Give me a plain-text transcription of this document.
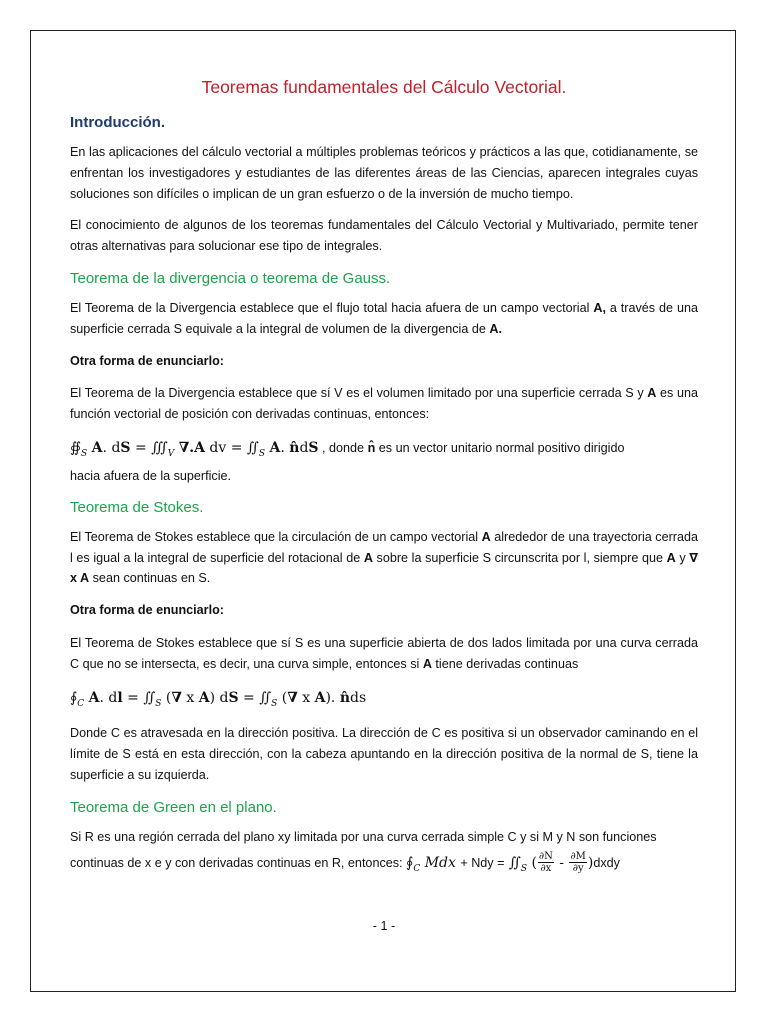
Teoremas fundamentales del Cálculo Vectorial.
Introducción.

En las aplicaciones del cálculo vectorial a múltiples problemas teóricos y prácticos a las que, cotidianamente, se enfrentan los investigadores y estudiantes de las diferentes áreas de las Ciencias, aparecen integrales cuyas soluciones son difíciles o implican de un gran esfuerzo o de la inversión de mucho tiempo.

El conocimiento de algunos de los teoremas fundamentales del Cálculo Vectorial y Multivariado, permite tener otras alternativas para solucionar ese tipo de integrales.

Teorema de la divergencia o teorema de Gauss.

El Teorema de la Divergencia establece que el flujo total hacia afuera de un campo vectorial A, a través de una superficie cerrada S equivale a la integral de volumen de la divergencia de A.

Otra forma de enunciarlo:

El Teorema de la Divergencia establece que sí V es el volumen limitado por una superficie cerrada S y A es una función vectorial de posición con derivadas continuas, entonces:

$∯_S$ A. dS = $∭_V$ ∇.A dv = $∬_S$ A. n̂dS , donde n̂ es un vector unitario normal positivo dirigido
hacia afuera de la superficie.
Teorema de Stokes.

El Teorema de Stokes establece que la circulación de un campo vectorial A alrededor de una trayectoria cerrada l es igual a la integral de superficie del rotacional de A sobre la superficie S circunscrita por l, siempre que A y ∇ x A sean continuas en S.

Otra forma de enunciarlo:

El Teorema de Stokes establece que sí S es una superficie abierta de dos lados limitada por una curva cerrada C que no se intersecta, es decir, una curva simple, entonces si A tiene derivadas continuas

$∮_C$ A. dl = $∬_S$ (∇ x A) dS = $∬_S$ (∇ x A). n̂ds

Donde C es atravesada en la dirección positiva. La dirección de C es positiva si un observador caminando en el límite de S está en esta dirección, con la cabeza apuntando en la dirección positiva de la normal de S, tiene la superficie a su izquierda.

Teorema de Green en el plano.

Si R es una región cerrada del plano xy limitada por una curva cerrada simple C y si M y N son funciones

continuas de x e y con derivadas continuas en R, entonces: $∮_C$ Mdx + Ndy = $∬_S$ ( $\frac{\partial N}{\partial x} - \frac{\partial M}{\partial y}$ )dxdy
- 1 -
